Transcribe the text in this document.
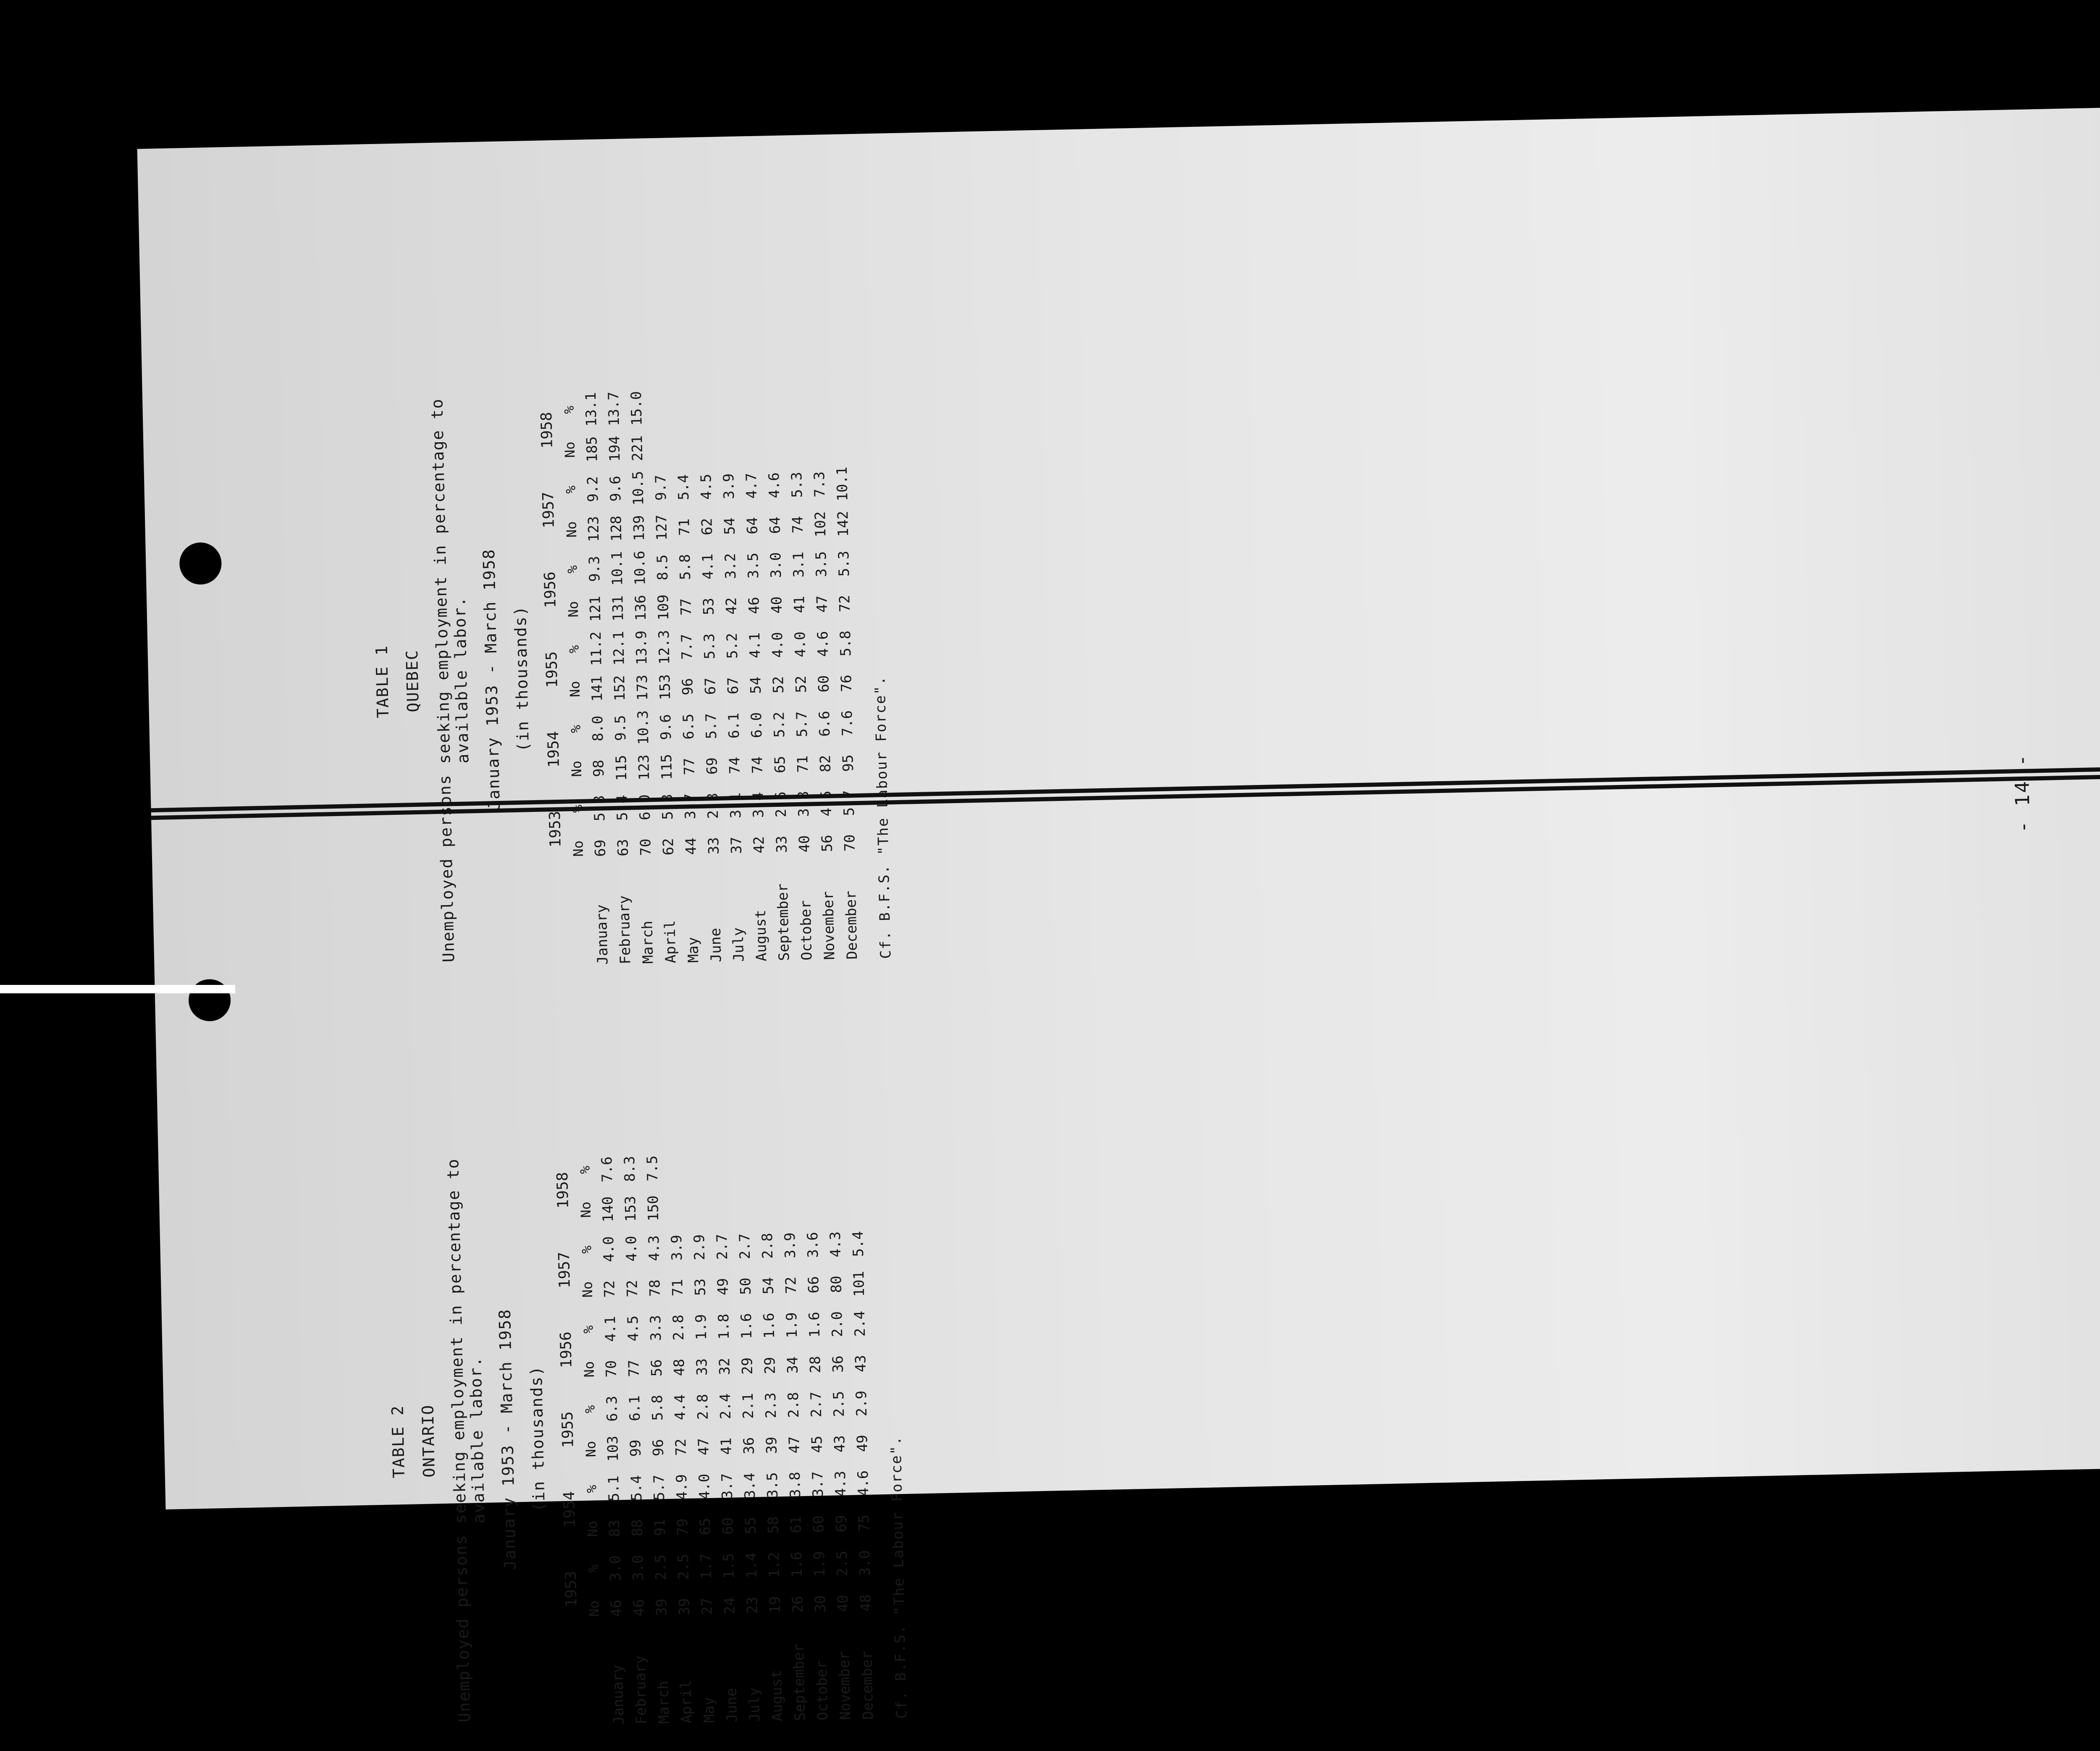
TABLE 1 QUEBEC Unemployed persons seeking employment in percentage to available labor. January 1953 - March 1958 (in thousands)
1953
1954
1955
1956
1957
1958
No
%
No
%
No
%
No
%
No
%
No
%
January
69
5.8
98
8.0
141
11.2
121
9.3
123
9.2
185
13.1
February
63
5.4
115
9.5
152
12.1
131
10.1
128
9.6
194
13.7
March
70
6.0
123
10.3
173
13.9
136
10.6
139
10.5
221
15.0
April
62
5.3
115
9.6
153
12.3
109
8.5
127
9.7
May
44
3.7
77
6.5
96
7.7
77
5.8
71
5.4
June
33
2.8
69
5.7
67
5.3
53
4.1
62
4.5
July
37
3.1
74
6.1
67
5.2
42
3.2
54
3.9
August
42
3.4
74
6.0
54
4.1
46
3.5
64
4.7
September
33
2.6
65
5.2
52
4.0
40
3.0
64
4.6
October
40
3.8
71
5.7
52
4.0
41
3.1
74
5.3
November
56
4.5
82
6.6
60
4.6
47
3.5
102
7.3
December
70
5.7
95
7.6
76
5.8
72
5.3
142
10.1
Cf. B.F.S. "The Labour Force".
TABLE 2 ONTARIO Unemployed persons seeking employment in percentage to available labor. January 1953 - March 1958 (in thousands)
1953
1954
1955
1956
1957
1958
No
%
No
%
No
%
No
%
No
%
No
%
January
46
3.0
83
5.1
103
6.3
70
4.1
72
4.0
140
7.6
February
46
3.0
88
5.4
99
6.1
77
4.5
72
4.0
153
8.3
March
39
2.5
91
5.7
96
5.8
56
3.3
78
4.3
150
7.5
April
39
2.5
79
4.9
72
4.4
48
2.8
71
3.9
May
27
1.7
65
4.0
47
2.8
33
1.9
53
2.9
June
24
1.5
60
3.7
41
2.4
32
1.8
49
2.7
July
23
1.4
55
3.4
36
2.1
29
1.6
50
2.7
August
19
1.2
58
3.5
39
2.3
29
1.6
54
2.8
September
26
1.6
61
3.8
47
2.8
34
1.9
72
3.9
October
30
1.9
60
3.7
45
2.7
28
1.6
66
3.6
November
40
2.5
69
4.3
43
2.5
36
2.0
80
4.3
December
48
3.0
75
4.6
49
2.9
43
2.4
101
5.4
Cf. B.F.S. "The Labour Force".
- 14 -
